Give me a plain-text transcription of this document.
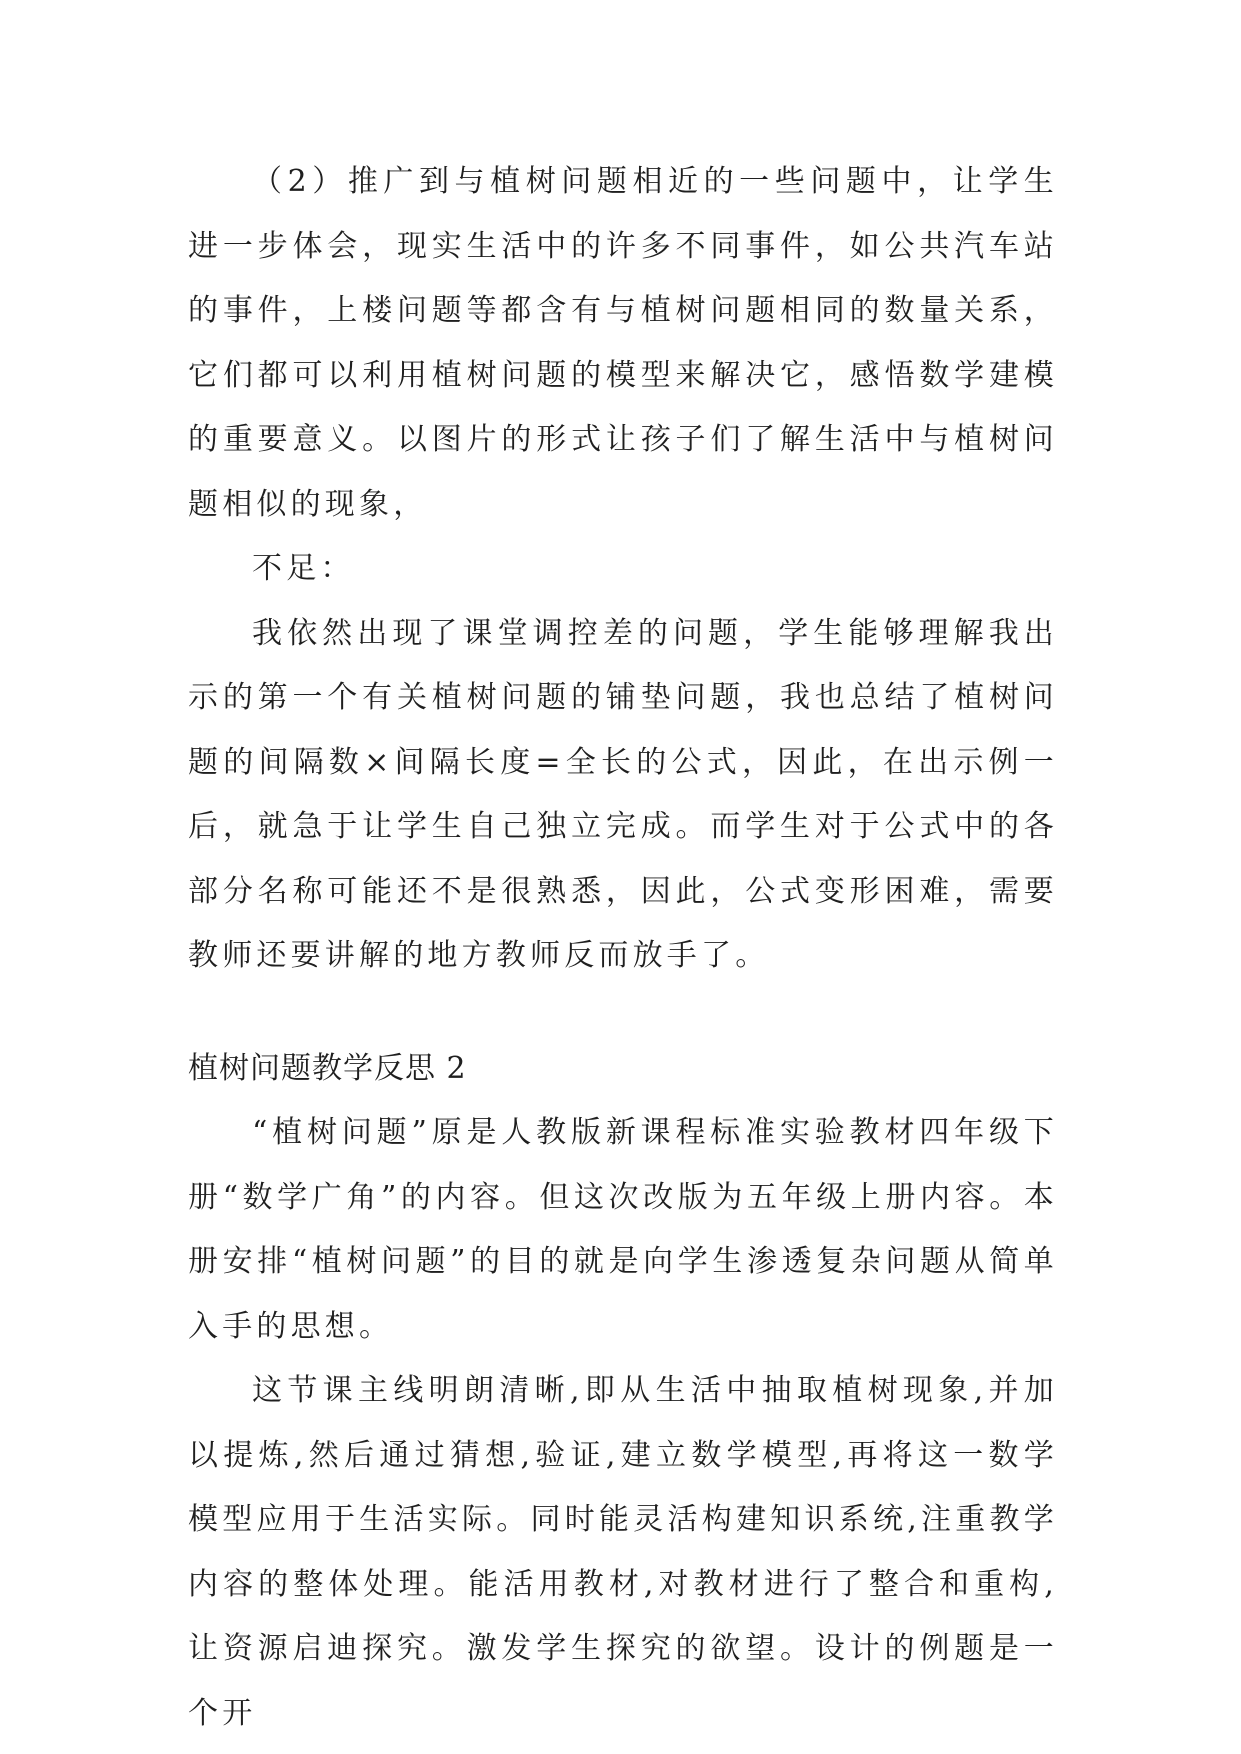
（2）推广到与植树问题相近的一些问题中，让学生进一步体会，现实生活中的许多不同事件，如公共汽车站的事件，上楼问题等都含有与植树问题相同的数量关系，它们都可以利用植树问题的模型来解决它，感悟数学建模的重要意义。以图片的形式让孩子们了解生活中与植树问题相似的现象，

不足：

我依然出现了课堂调控差的问题，学生能够理解我出示的第一个有关植树问题的铺垫问题，我也总结了植树问题的间隔数×间隔长度=全长的公式，因此，在出示例一后，就急于让学生自己独立完成。而学生对于公式中的各部分名称可能还不是很熟悉，因此，公式变形困难，需要教师还要讲解的地方教师反而放手了。

植树问题教学反思 2

“植树问题”原是人教版新课程标准实验教材四年级下册“数学广角”的内容。但这次改版为五年级上册内容。本册安排“植树问题”的目的就是向学生渗透复杂问题从简单入手的思想。

这节课主线明朗清晰,即从生活中抽取植树现象,并加以提炼,然后通过猜想,验证,建立数学模型,再将这一数学模型应用于生活实际。同时能灵活构建知识系统,注重教学内容的整体处理。能活用教材,对教材进行了整合和重构,让资源启迪探究。激发学生探究的欲望。设计的例题是一个开
